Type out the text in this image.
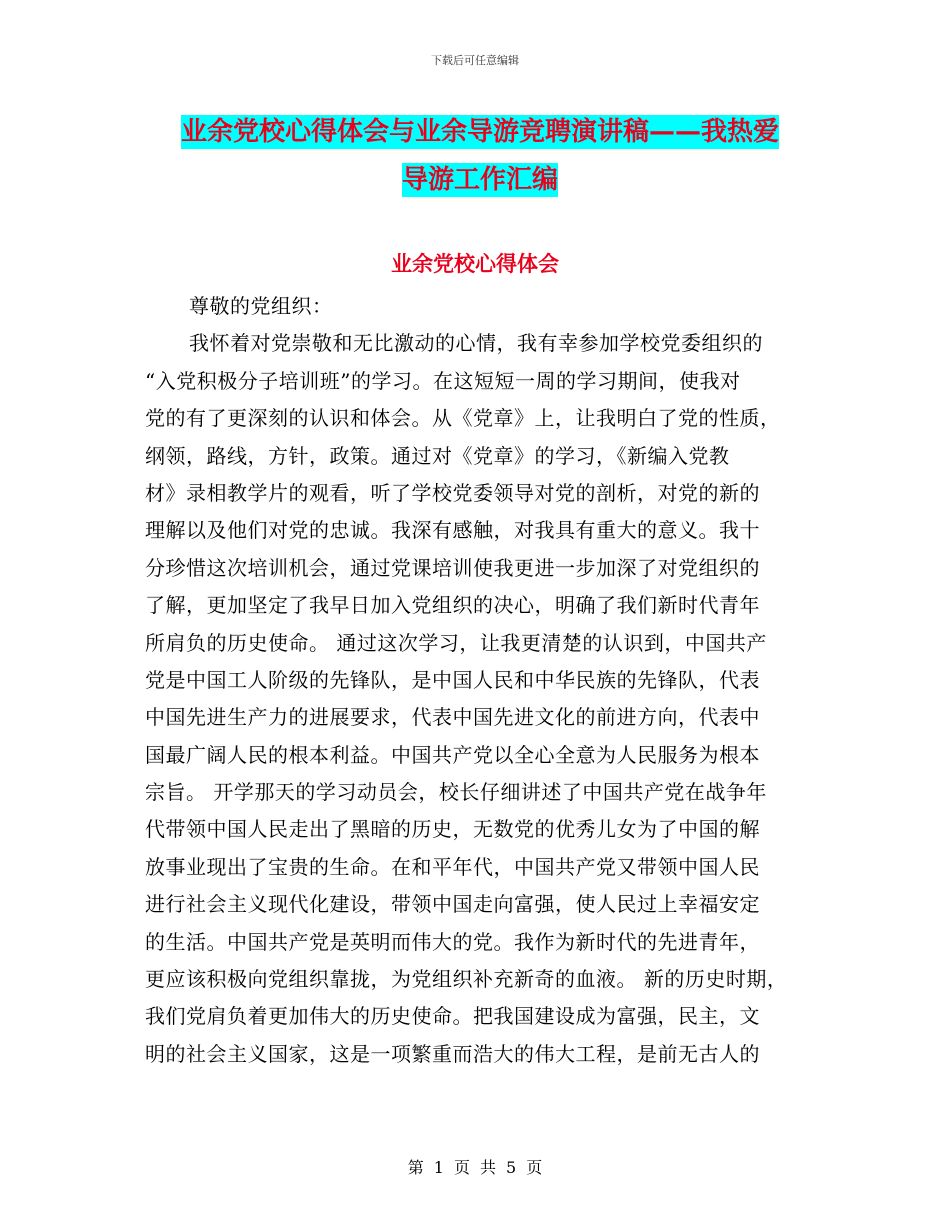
下载后可任意编辑
业余党校心得体会与业余导游竞聘演讲稿——我热爱
导游工作汇编
业余党校心得体会
尊敬的党组织：
我怀着对党崇敬和无比激动的心情，我有幸参加学校党委组织的
“入党积极分子培训班”的学习。在这短短一周的学习期间，使我对
党的有了更深刻的认识和体会。从《党章》上，让我明白了党的性质，
纲领，路线，方针，政策。通过对《党章》的学习，《新编入党教
材》录相教学片的观看，听了学校党委领导对党的剖析，对党的新的
理解以及他们对党的忠诚。我深有感触，对我具有重大的意义。我十
分珍惜这次培训机会，通过党课培训使我更进一步加深了对党组织的
了解，更加坚定了我早日加入党组织的决心，明确了我们新时代青年
所肩负的历史使命。 通过这次学习，让我更清楚的认识到，中国共产
党是中国工人阶级的先锋队，是中国人民和中华民族的先锋队，代表
中国先进生产力的进展要求，代表中国先进文化的前进方向，代表中
国最广阔人民的根本利益。中国共产党以全心全意为人民服务为根本
宗旨。 开学那天的学习动员会，校长仔细讲述了中国共产党在战争年
代带领中国人民走出了黑暗的历史，无数党的优秀儿女为了中国的解
放事业现出了宝贵的生命。在和平年代，中国共产党又带领中国人民
进行社会主义现代化建设，带领中国走向富强，使人民过上幸福安定
的生活。中国共产党是英明而伟大的党。我作为新时代的先进青年，
更应该积极向党组织靠拢，为党组织补充新奇的血液。 新的历史时期，
我们党肩负着更加伟大的历史使命。把我国建设成为富强，民主，文
明的社会主义国家，这是一项繁重而浩大的伟大工程，是前无古人的
第 1 页 共 5 页
